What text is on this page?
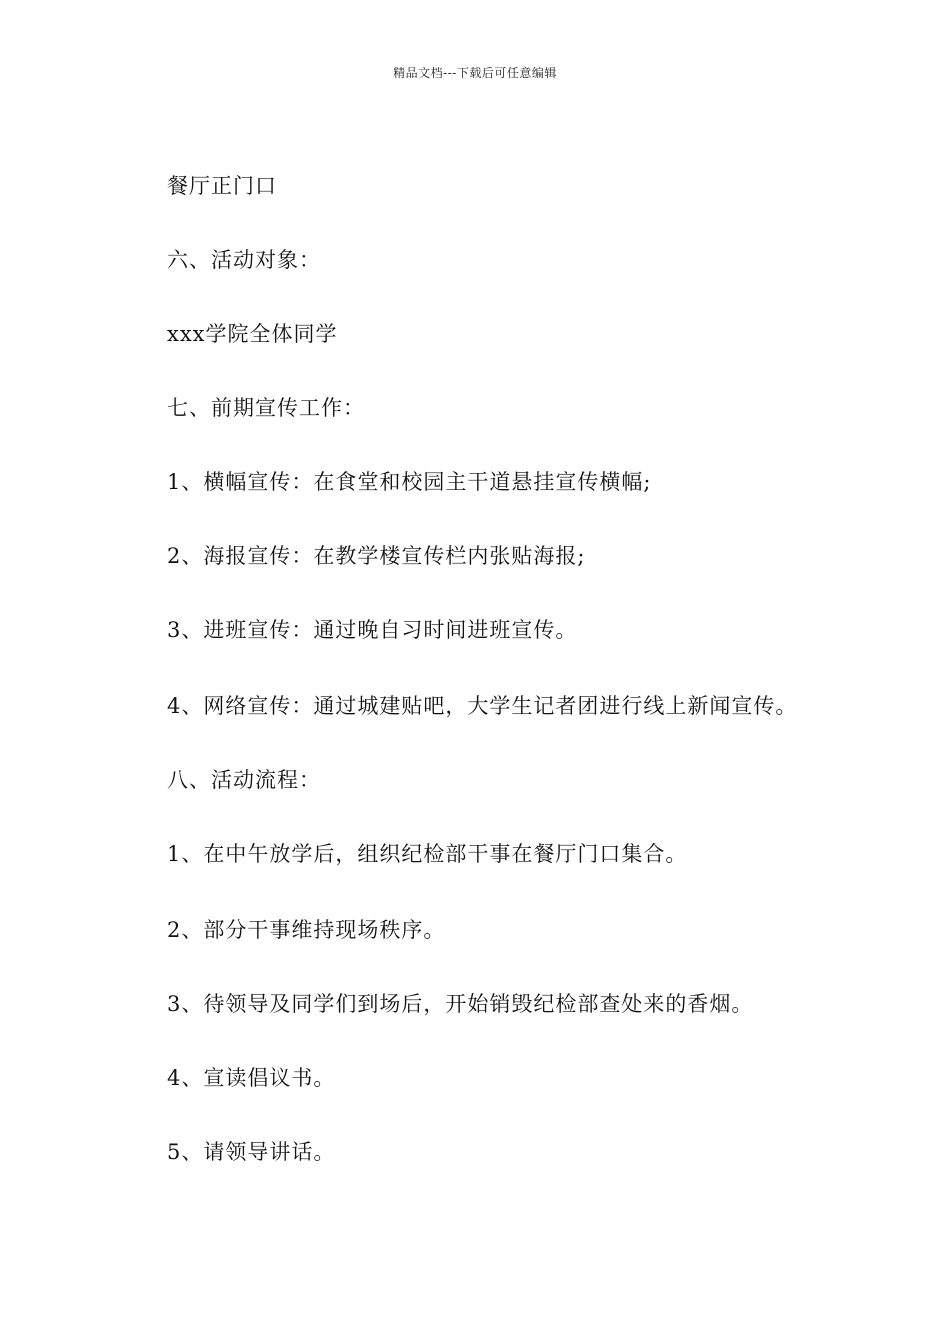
精品文档---下载后可任意编辑
餐厅正门口
六、活动对象：
xxx学院全体同学
七、前期宣传工作：
1、横幅宣传：在食堂和校园主干道悬挂宣传横幅;
2、海报宣传：在教学楼宣传栏内张贴海报;
3、进班宣传：通过晚自习时间进班宣传。
4、网络宣传：通过城建贴吧，大学生记者团进行线上新闻宣传。
八、活动流程：
1、在中午放学后，组织纪检部干事在餐厅门口集合。
2、部分干事维持现场秩序。
3、待领导及同学们到场后，开始销毁纪检部查处来的香烟。
4、宣读倡议书。
5、请领导讲话。
